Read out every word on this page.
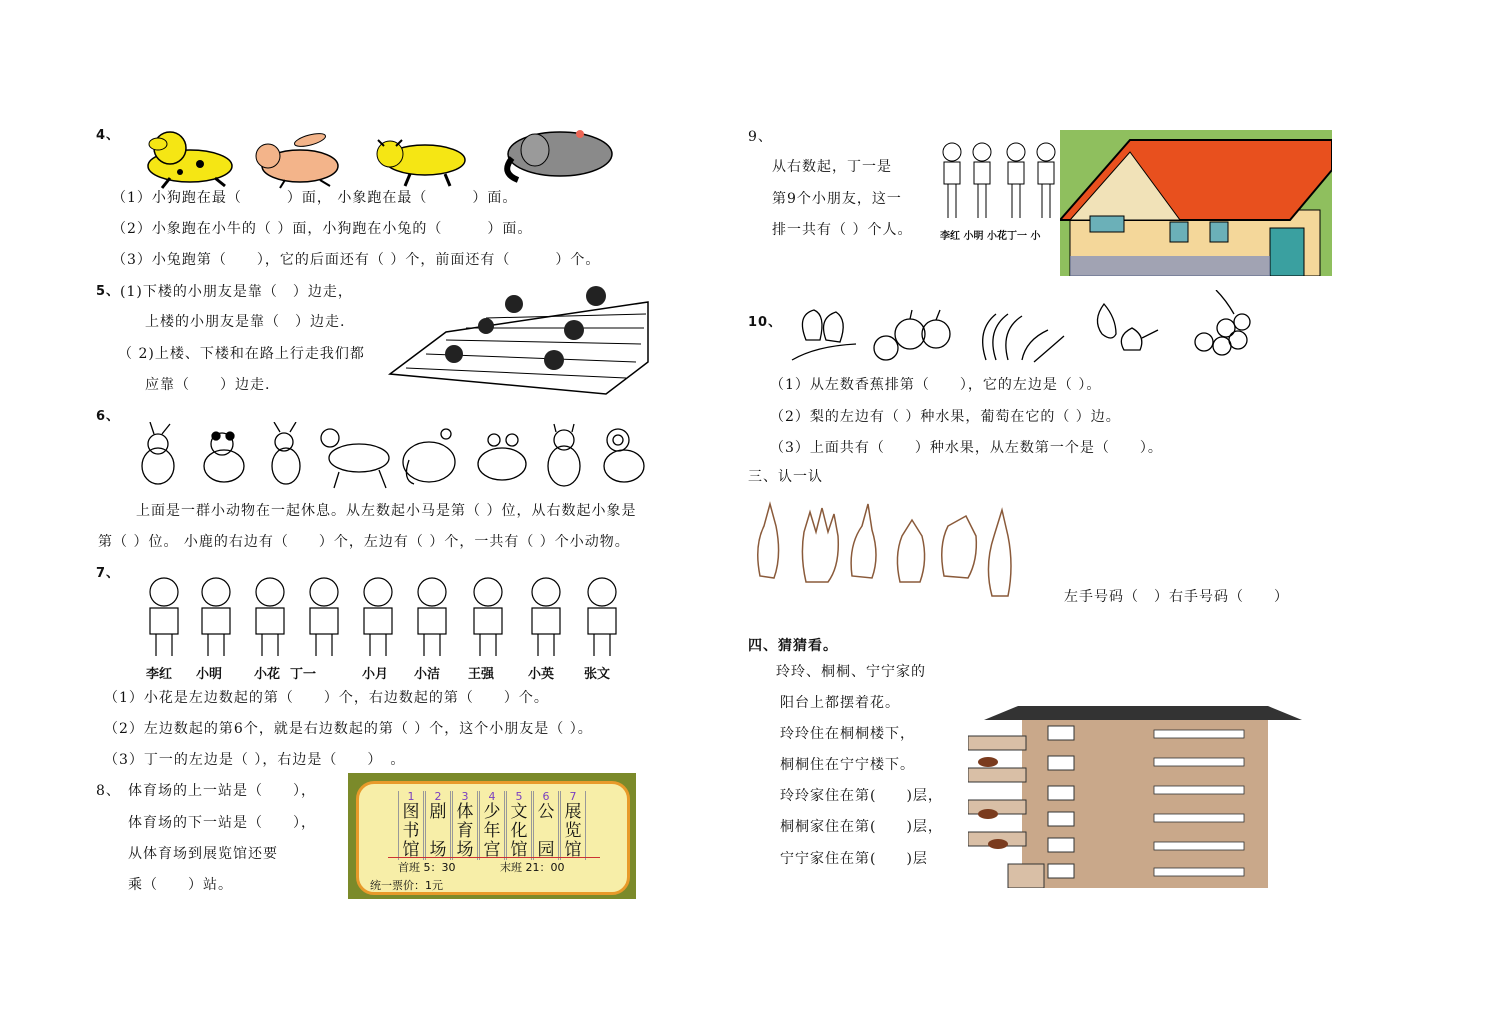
4、
（1）小狗跑在最（　　　）面， 小象跑在最（　　　）面。
（2）小象跑在小牛的（ ）面，小狗跑在小兔的（　　　）面。
（3）小兔跑第（　　），它的后面还有（ ）个，前面还有（　　　）个。
5、 (1)下楼的小朋友是靠（　）边走，
上楼的小朋友是靠（　）边走.
（ 2)上楼、下楼和在路上行走我们都
应靠（　　）边走.
6、
上面是一群小动物在一起休息。从左数起小马是第（ ）位，从右数起小象是
第（ ）位。 小鹿的右边有（　　）个，左边有（ ）个，一共有（ ）个小动物。
7、
李红 小明 小花 丁一	小月 小洁 王强	小英 张文
（1）小花是左边数起的第（　　）个，右边数起的第（　　）个。
（2）左边数起的第6个，就是右边数起的第（ ）个，这个小朋友是（ ）。
（3）丁一的左边是（ ），右边是（　　）　。
8、 体育场的上一站是（　　），
体育场的下一站是（　　），
从体育场到展览馆还要
乘（　　）站。
1
图
书
馆
2
剧
场
3
体
育
场
4
少
年
宫
5
文
化
馆
6
公
园
7
展
览
馆
首班 5：30	末班 21：00
统一票价：1元
9、
从右数起，丁一是
第9个小朋友，这一
排一共有（ ）个人。	李红 小明 小花丁一 小
10、
（1）从左数香蕉排第（　　），它的左边是（ ）。
（2）梨的左边有（ ）种水果，葡萄在它的（ ）边。
（3）上面共有（　　）种水果，从左数第一个是（　　）。
三、认一认
左手号码（　）右手号码（　　）
四、猜猜看。
玲玲、桐桐、宁宁家的
阳台上都摆着花。
玲玲住在桐桐楼下，
桐桐住在宁宁楼下。
玲玲家住在第(　　)层，
桐桐家住在第(　　)层，
宁宁家住在第(　　)层
